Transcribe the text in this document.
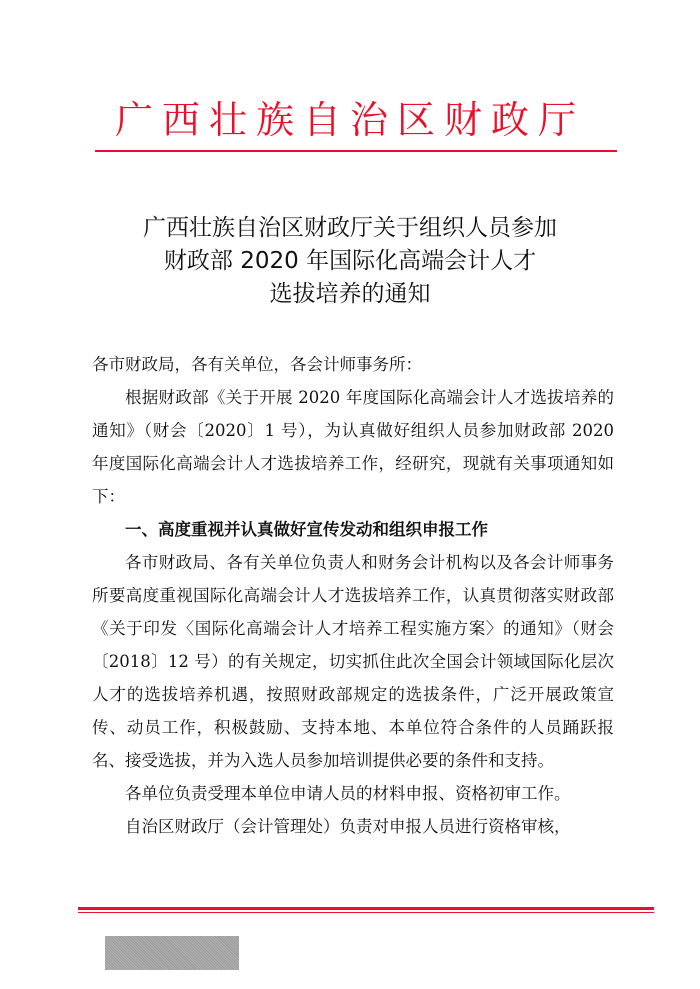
广西壮族自治区财政厅
广西壮族自治区财政厅关于组织人员参加
财政部 2020 年国际化高端会计人才
选拔培养的通知

各市财政局，各有关单位，各会计师事务所：

根据财政部《关于开展 2020 年度国际化高端会计人才选拔培养的通知》（财会〔2020〕1 号），为认真做好组织人员参加财政部 2020 年度国际化高端会计人才选拔培养工作，经研究，现就有关事项通知如下：

一、高度重视并认真做好宣传发动和组织申报工作

各市财政局、各有关单位负责人和财务会计机构以及各会计师事务所要高度重视国际化高端会计人才选拔培养工作，认真贯彻落实财政部《关于印发〈国际化高端会计人才培养工程实施方案〉的通知》（财会〔2018〕12 号）的有关规定，切实抓住此次全国会计领域国际化层次人才的选拔培养机遇，按照财政部规定的选拔条件，广泛开展政策宣传、动员工作，积极鼓励、支持本地、本单位符合条件的人员踊跃报名、接受选拔，并为入选人员参加培训提供必要的条件和支持。

各单位负责受理本单位申请人员的材料申报、资格初审工作。

自治区财政厅（会计管理处）负责对申报人员进行资格审核，
